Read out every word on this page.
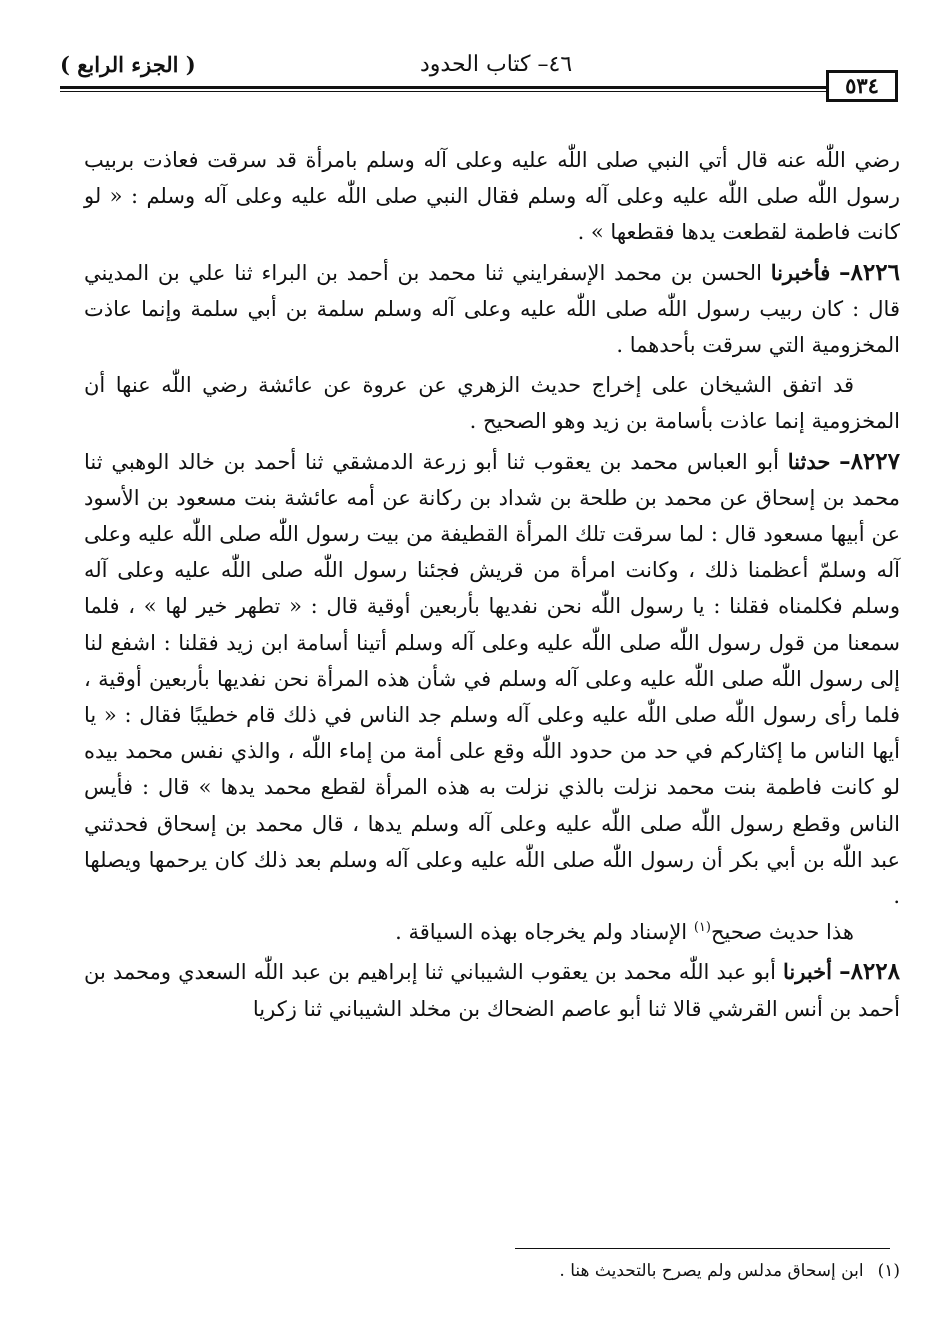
( الجزء الرابع )	٤٦– كتاب الحدود
٥٣٤

رضي اللّٰه عنه قال أتي النبي صلى اللّٰه عليه وعلى آله وسلم بامرأة قد سرقت فعاذت بربيب رسول اللّٰه صلى اللّٰه عليه وعلى آله وسلم فقال النبي صلى اللّٰه عليه وعلى آله وسلم : « لو كانت فاطمة لقطعت يدها فقطعها » .

٨٢٢٦– فأخبرنا الحسن بن محمد الإسفرايني ثنا محمد بن أحمد بن البراء ثنا علي بن المديني قال : كان ربيب رسول اللّٰه صلى اللّٰه عليه وعلى آله وسلم سلمة بن أبي سلمة وإنما عاذت المخزومية التي سرقت بأحدهما .

قد اتفق الشيخان على إخراج حديث الزهري عن عروة عن عائشة رضي اللّٰه عنها أن المخزومية إنما عاذت بأسامة بن زيد وهو الصحيح .

٨٢٢٧– حدثنا أبو العباس محمد بن يعقوب ثنا أبو زرعة الدمشقي ثنا أحمد بن خالد الوهبي ثنا محمد بن إسحاق عن محمد بن طلحة بن شداد بن ركانة عن أمه عائشة بنت مسعود بن الأسود عن أبيها مسعود قال : لما سرقت تلك المرأة القطيفة من بيت رسول اللّٰه صلى اللّٰه عليه وعلى آله وسلمّ أعظمنا ذلك ، وكانت امرأة من قريش فجئنا رسول اللّٰه صلى اللّٰه عليه وعلى آله وسلم فكلمناه فقلنا : يا رسول اللّٰه نحن نفديها بأربعين أوقية قال : « تطهر خير لها » ، فلما سمعنا من قول رسول اللّٰه صلى اللّٰه عليه وعلى آله وسلم أتينا أسامة ابن زيد فقلنا : اشفع لنا إلى رسول اللّٰه صلى اللّٰه عليه وعلى آله وسلم في شأن هذه المرأة نحن نفديها بأربعين أوقية ، فلما رأى رسول اللّٰه صلى اللّٰه عليه وعلى آله وسلم جد الناس في ذلك قام خطيبًا فقال : « يا أيها الناس ما إكثاركم في حد من حدود اللّٰه وقع على أمة من إماء اللّٰه ، والذي نفس محمد بيده لو كانت فاطمة بنت محمد نزلت بالذي نزلت به هذه المرأة لقطع محمد يدها » قال : فأيس الناس وقطع رسول اللّٰه صلى اللّٰه عليه وعلى آله وسلم يدها ، قال محمد بن إسحاق فحدثني عبد اللّٰه بن أبي بكر أن رسول اللّٰه صلى اللّٰه عليه وعلى آله وسلم بعد ذلك كان يرحمها ويصلها .

هذا حديث صحيح$^{(١)}$ الإسناد ولم يخرجاه بهذه السياقة .

٨٢٢٨– أخبرنا أبو عبد اللّٰه محمد بن يعقوب الشيباني ثنا إبراهيم بن عبد اللّٰه السعدي ومحمد بن أحمد بن أنس القرشي قالا ثنا أبو عاصم الضحاك بن مخلد الشيباني ثنا زكريا

(١)ابن إسحاق مدلس ولم يصرح بالتحديث هنا .
